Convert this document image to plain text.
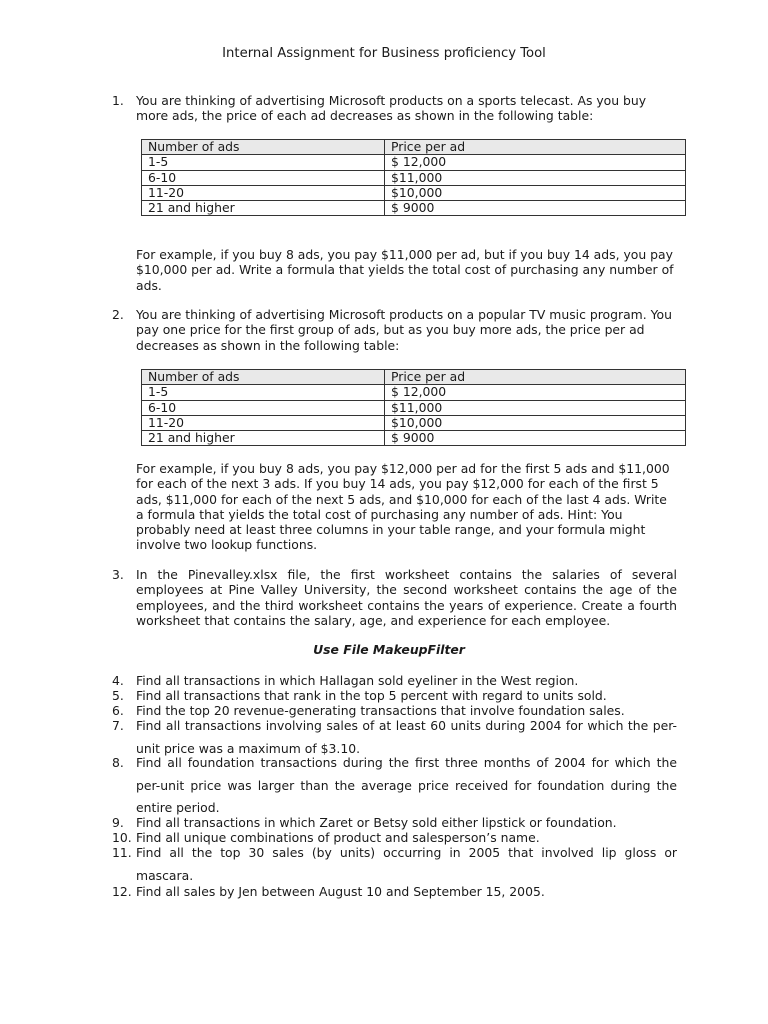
Internal Assignment for Business proficiency Tool
1. You are thinking of advertising Microsoft products on a sports telecast. As you buy more ads, the price of each ad decreases as shown in the following table:
Number of ads	Price per ad
1-5	$ 12,000
6-10	$11,000
11-20	$10,000
21 and higher	$ 9000
For example, if you buy 8 ads, you pay $11,000 per ad, but if you buy 14 ads, you pay $10,000 per ad. Write a formula that yields the total cost of purchasing any number of ads.
2. You are thinking of advertising Microsoft products on a popular TV music program. You pay one price for the first group of ads, but as you buy more ads, the price per ad decreases as shown in the following table:
Number of ads	Price per ad
1-5	$ 12,000
6-10	$11,000
11-20	$10,000
21 and higher	$ 9000
For example, if you buy 8 ads, you pay $12,000 per ad for the first 5 ads and $11,000 for each of the next 3 ads. If you buy 14 ads, you pay $12,000 for each of the first 5 ads, $11,000 for each of the next 5 ads, and $10,000 for each of the last 4 ads. Write a formula that yields the total cost of purchasing any number of ads. Hint: You probably need at least three columns in your table range, and your formula might involve two lookup functions.
3. In the Pinevalley.xlsx file, the first worksheet contains the salaries of several employees at Pine Valley University, the second worksheet contains the age of the employees, and the third worksheet contains the years of experience. Create a fourth worksheet that contains the salary, age, and experience for each employee.
Use File MakeupFilter
4. Find all transactions in which Hallagan sold eyeliner in the West region.
5. Find all transactions that rank in the top 5 percent with regard to units sold.
6. Find the top 20 revenue-generating transactions that involve foundation sales.
7. Find all transactions involving sales of at least 60 units during 2004 for which the per-unit price was a maximum of $3.10.
8. Find all foundation transactions during the first three months of 2004 for which the per-unit price was larger than the average price received for foundation during the entire period.
9. Find all transactions in which Zaret or Betsy sold either lipstick or foundation.
10. Find all unique combinations of product and salesperson’s name.
11. Find all the top 30 sales (by units) occurring in 2005 that involved lip gloss or mascara.
12. Find all sales by Jen between August 10 and September 15, 2005.
